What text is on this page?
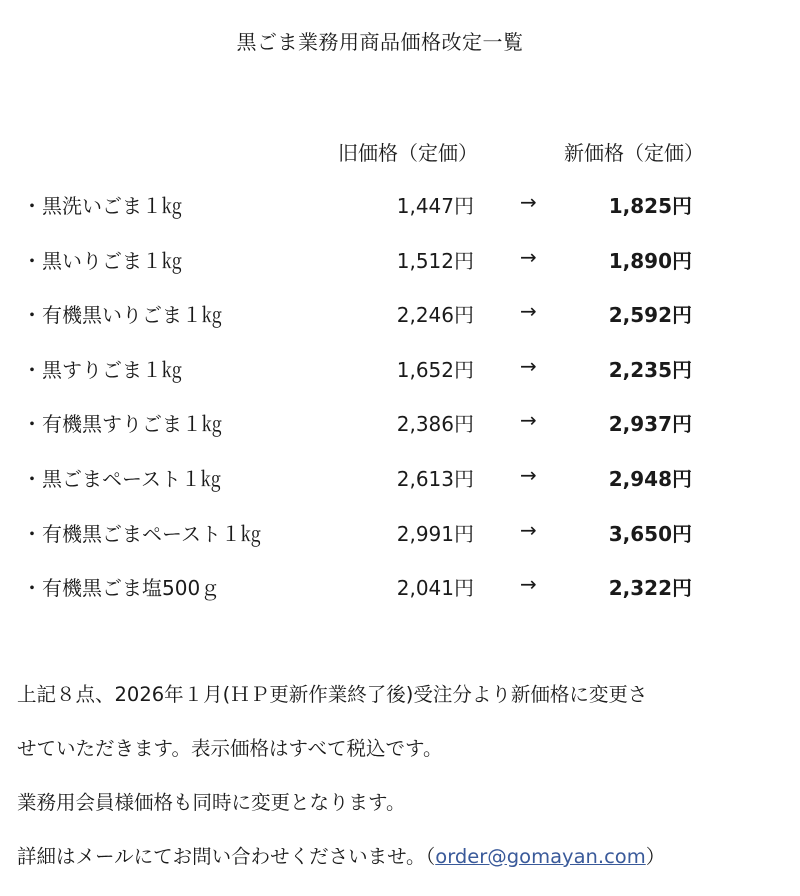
黒ごま業務用商品価格改定一覧
旧価格（定価）	新価格（定価）
・黒洗いごま１㎏	1,447円 →	1,825円
・黒いりごま１㎏	1,512円 →	1,890円
・有機黒いりごま１㎏	2,246円 →	2,592円
・黒すりごま１㎏	1,652円 →	2,235円
・有機黒すりごま１㎏	2,386円 →	2,937円
・黒ごまペースト１㎏	2,613円 →	2,948円
・有機黒ごまペースト１㎏	2,991円 →	3,650円
・有機黒ごま塩500ｇ	2,041円 →	2,322円

上記８点、2026年１月(ＨＰ更新作業終了後)受注分より新価格に変更さ

せていただきます。表示価格はすべて税込です。

業務用会員様価格も同時に変更となります。

詳細はメールにてお問い合わせくださいませ。（order@gomayan.com）
